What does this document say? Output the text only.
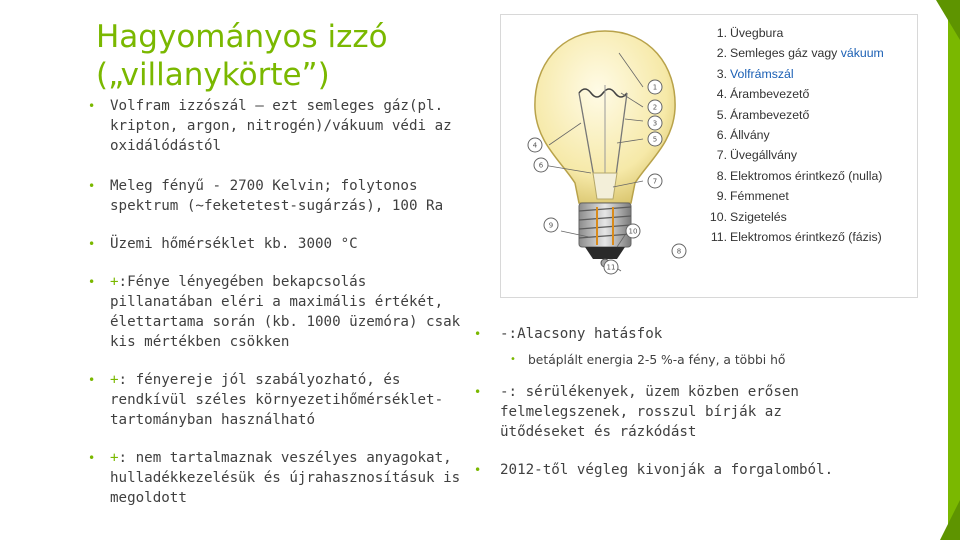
Hagyományos izzó
(„villanykörte”)
• Volfram izzószál – ezt semleges gáz(pl. kripton, argon, nitrogén)/vákuum védi az oxidálódástól
• Meleg fényű - 2700 Kelvin; folytonos spektrum (~feketetest-sugárzás), 100 Ra
• Üzemi hőmérséklet kb. 3000 °C
• +:Fénye lényegében bekapcsolás pillanatában eléri a maximális értékét, élettartama során (kb. 1000 üzemóra) csak kis mértékben csökken
• +: fényereje jól szabályozható, és rendkívül széles környezetihőmérséklet-tartományban használható
• +: nem tartalmaznak veszélyes anyagokat, hulladékkezelésük és újrahasznosításuk is megoldott
• -:Alacsony hatásfok
• betáplált energia 2-5 %-a fény, a többi hő
• -: sérülékenyek, üzem közben erősen felmelegszenek, rosszul bírják az ütődéseket és rázkódást
• 2012-től végleg kivonják a forgalomból.
1
2
3
5
4
6
7
9
10
11
8
1. Üvegbura
2. Semleges gáz vagy vákuum
3. Volfrámszál
4. Árambevezető
5. Árambevezető
6. Állvány
7. Üvegállvány
8. Elektromos érintkező (nulla)
9. Fémmenet
10. Szigetelés
11. Elektromos érintkező (fázis)
